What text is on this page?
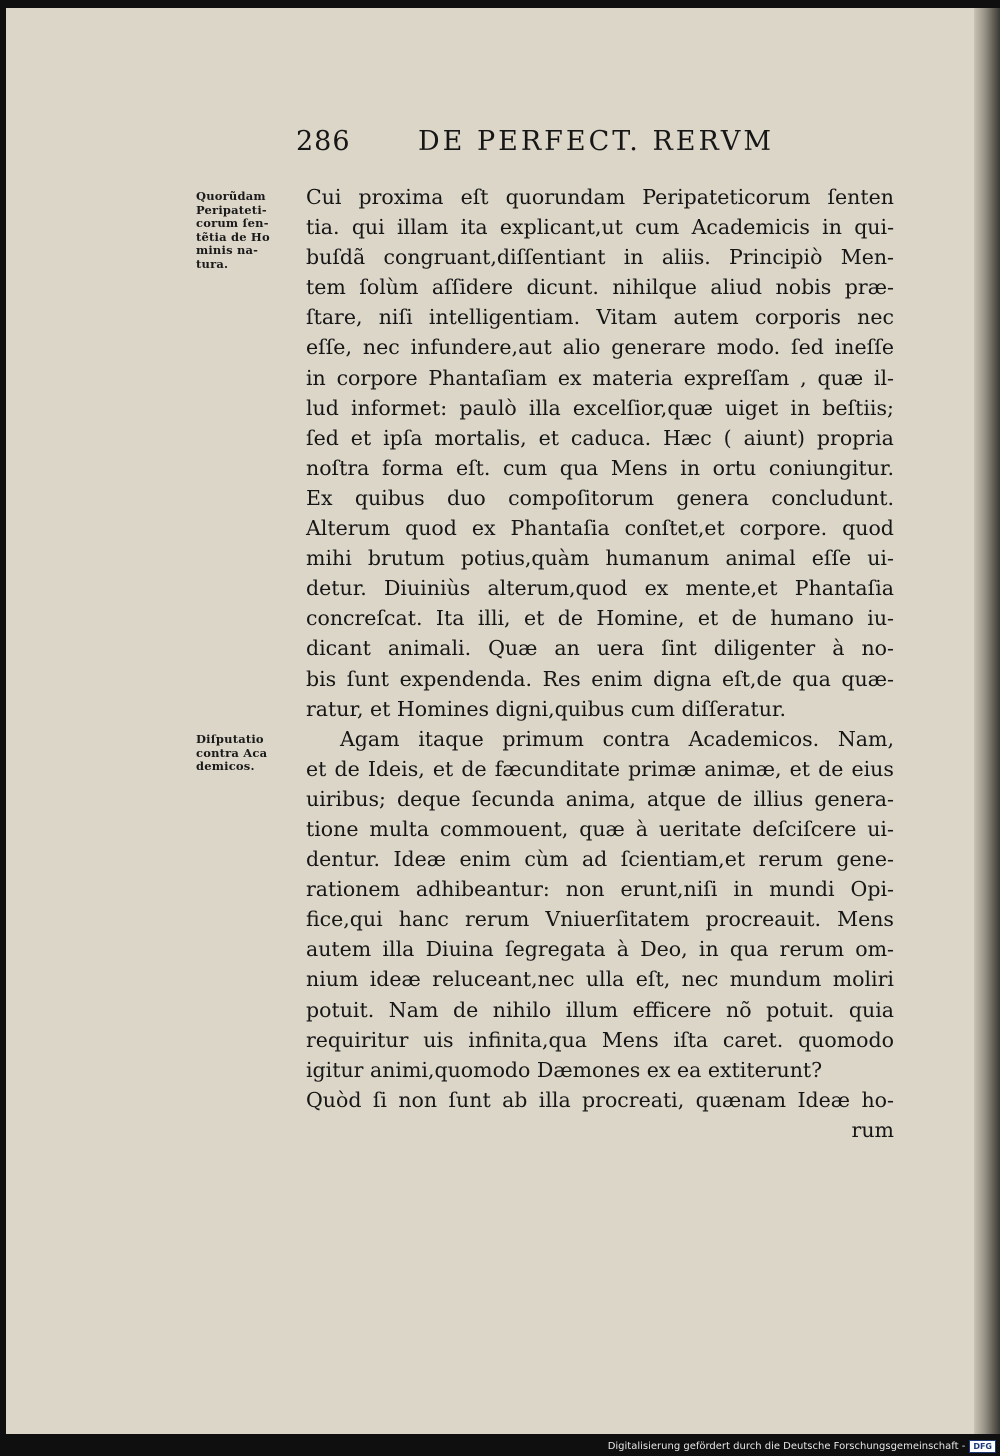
286 DE PERFECT. RERVM
Quorũdam
Peripateti-
corum ſen-
tẽtia de Ho
minis na-
tura.
Diſputatio
contra Aca
demicos.
Cui proxima eſt quorundam Peripateticorum ſenten
tia. qui illam ita explicant,ut cum Academicis in qui-
buſdã congruant,diſſentiant in aliis. Principiò Men-
tem ſolùm aſſidere dicunt. nihilque aliud nobis præ-
ſtare, niſi intelligentiam. Vitam autem corporis nec
eſſe, nec infundere,aut alio generare modo. ſed ineſſe
in corpore Phantaſiam ex materia expreſſam , quæ il-
lud informet: paulò illa excelſior,quæ uiget in beſtiis;
ſed et ipſa mortalis, et caduca. Hæc ( aiunt) propria
noſtra forma eſt. cum qua Mens in ortu coniungitur.
Ex quibus duo compoſitorum genera concludunt.
Alterum quod ex Phantaſia conſtet,et corpore. quod
mihi brutum potius,quàm humanum animal eſſe ui-
detur. Diuiniùs alterum,quod ex mente,et Phantaſia
concreſcat. Ita illi, et de Homine, et de humano iu-
dicant animali. Quæ an uera ſint diligenter à no-
bis ſunt expendenda. Res enim digna eſt,de qua quæ-
ratur, et Homines digni,quibus cum diſſeratur.
Agam itaque primum contra Academicos. Nam,
et de Ideis, et de fæcunditate primæ animæ, et de eius
uiribus; deque ſecunda anima, atque de illius genera-
tione multa commouent, quæ à ueritate deſciſcere ui-
dentur. Ideæ enim cùm ad ſcientiam,et rerum gene-
rationem adhibeantur: non erunt,niſi in mundi Opi-
fice,qui hanc rerum Vniuerſitatem procreauit. Mens
autem illa Diuina ſegregata à Deo, in qua rerum om-
nium ideæ reluceant,nec ulla eſt, nec mundum moliri
potuit. Nam de nihilo illum efficere nõ potuit. quia
requiritur uis infinita,qua Mens iſta caret. quomodo
igitur animi,quomodo Dæmones ex ea extiterunt?
Quòd ſi non ſunt ab illa procreati, quænam Ideæ ho-
rum
Digitalisierung gefördert durch die Deutsche Forschungsgemeinschaft -	DFG
